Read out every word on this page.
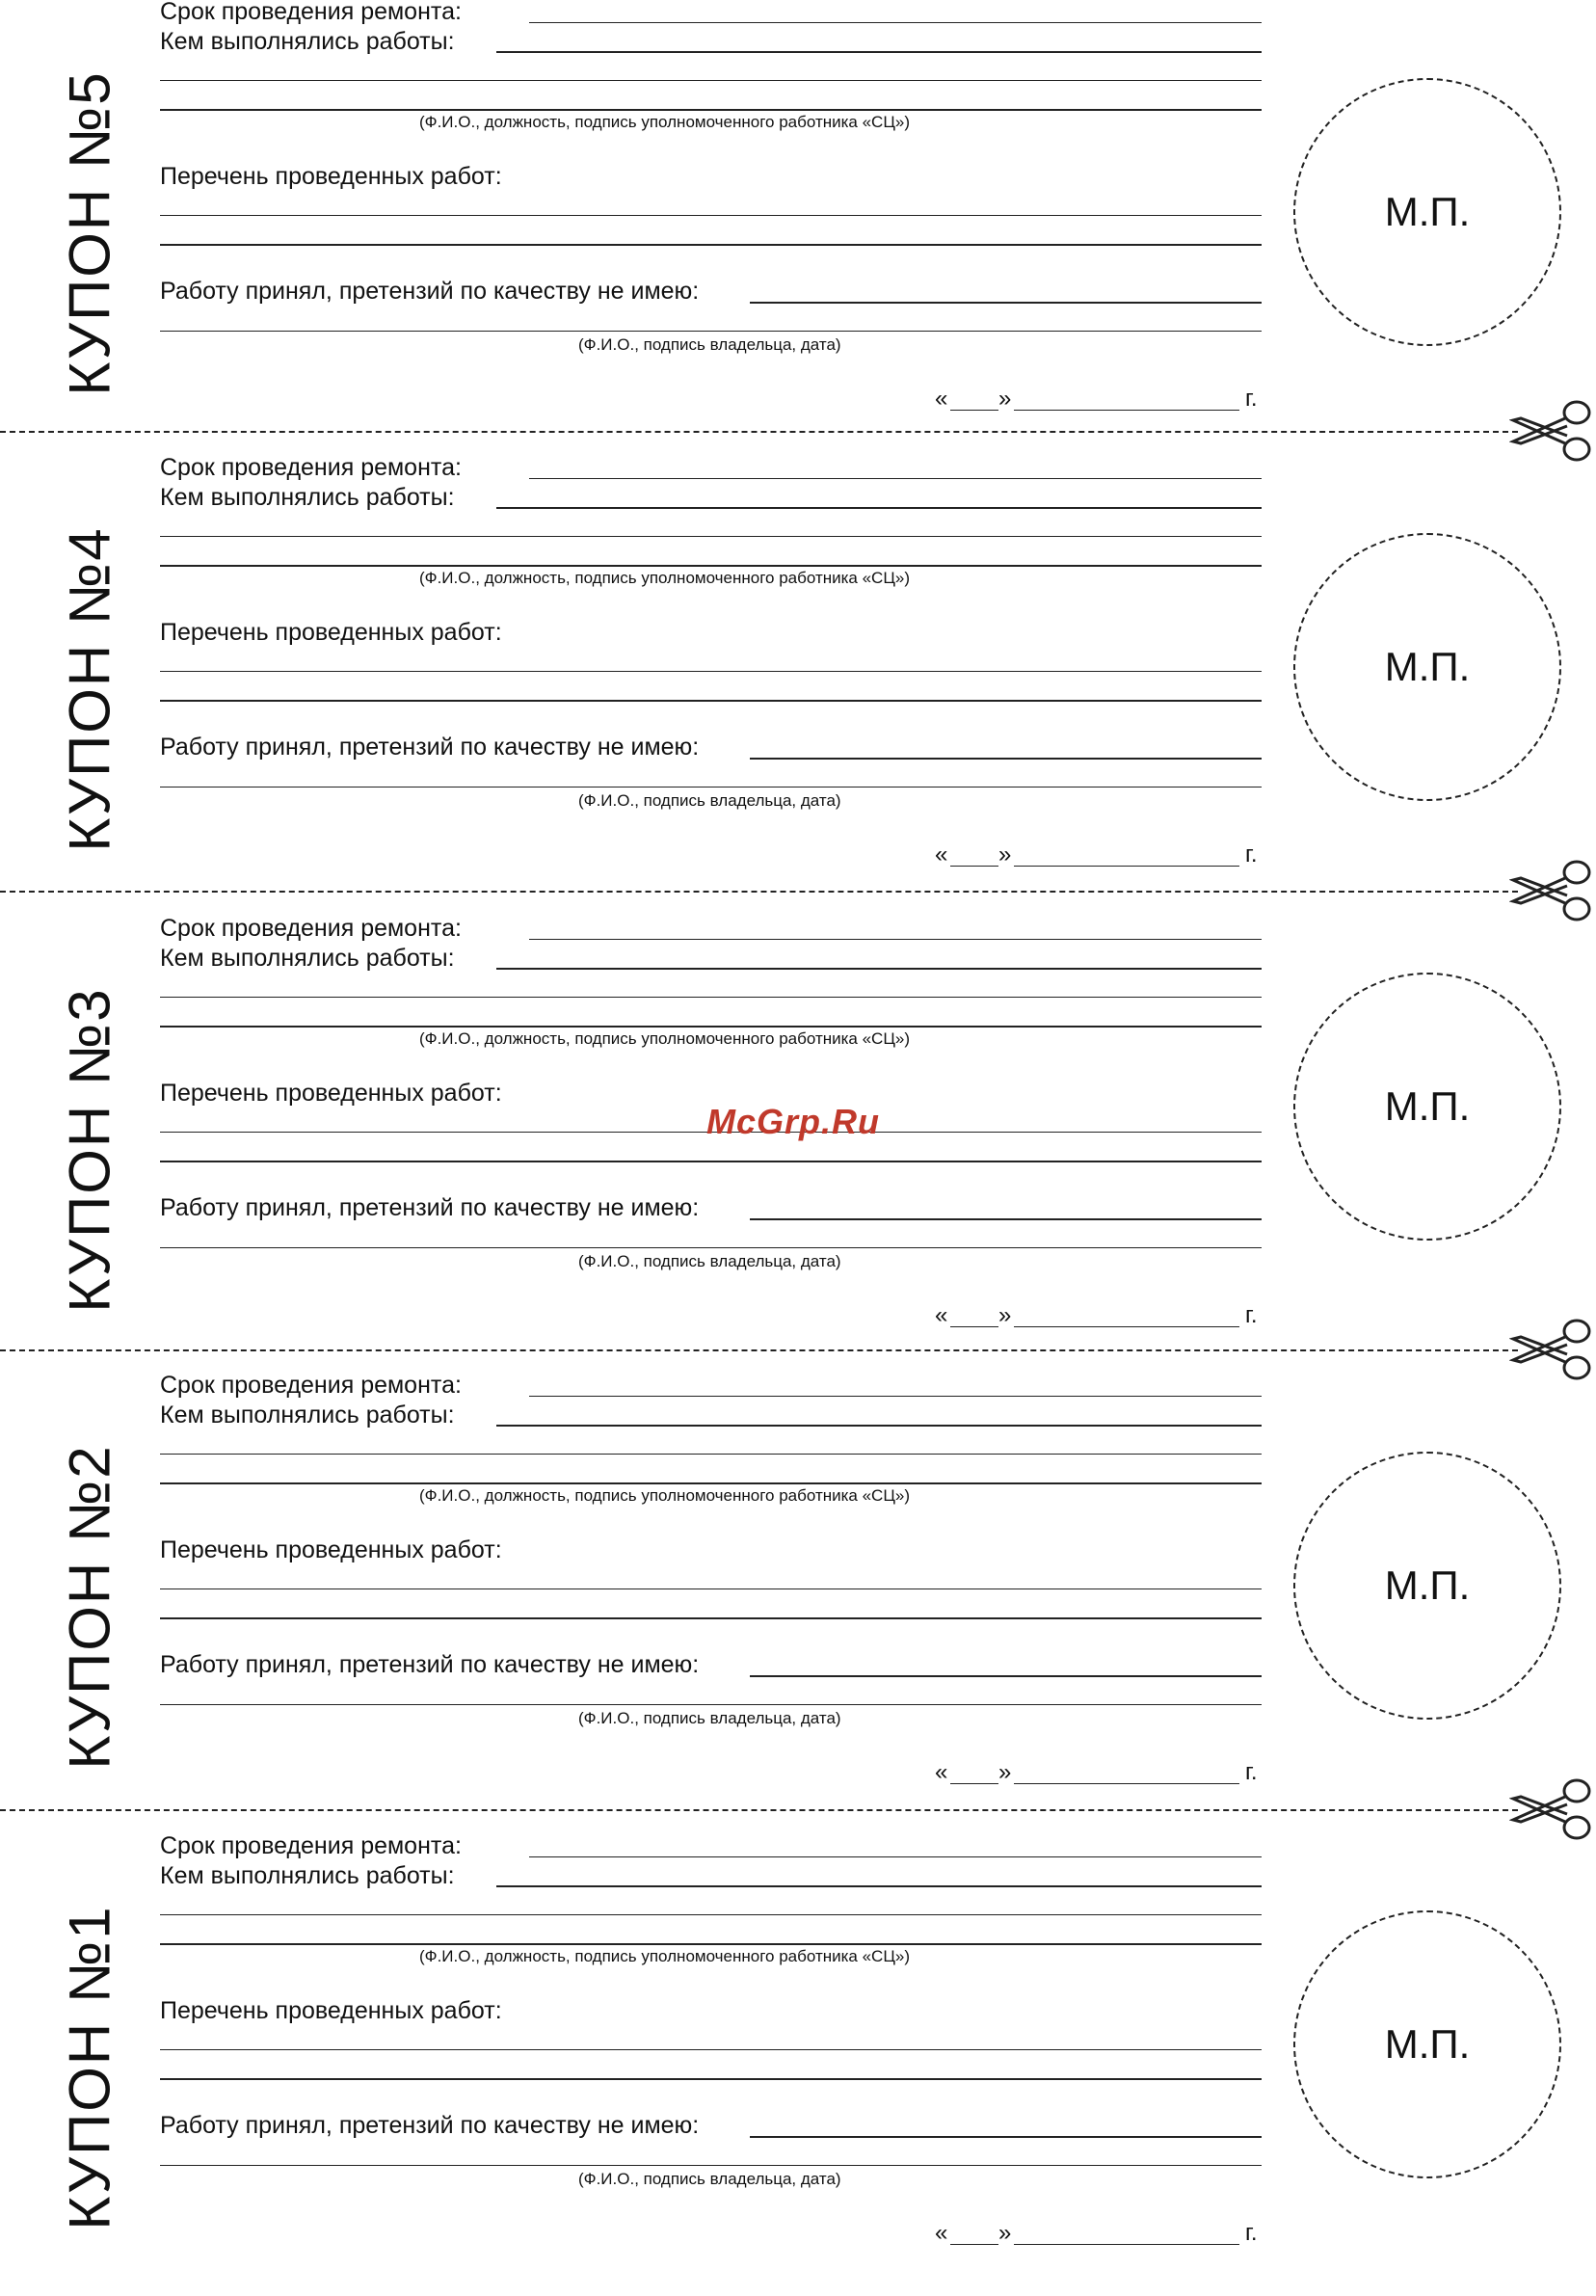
КУПОН №5
Срок проведения ремонта:
Кем выполнялись работы:
(Ф.И.О., должность, подпись уполномоченного работника «СЦ»)
Перечень проведенных работ:
Работу принял, претензий по качеству не имею:
(Ф.И.О., подпись владельца, дата)
« »	г.
М.П.
КУПОН №4
Срок проведения ремонта:
Кем выполнялись работы:
(Ф.И.О., должность, подпись уполномоченного работника «СЦ»)
Перечень проведенных работ:
Работу принял, претензий по качеству не имею:
(Ф.И.О., подпись владельца, дата)
« »	г.
М.П.
КУПОН №3
Срок проведения ремонта:
Кем выполнялись работы:
(Ф.И.О., должность, подпись уполномоченного работника «СЦ»)
Перечень проведенных работ:
Работу принял, претензий по качеству не имею:
(Ф.И.О., подпись владельца, дата)
« »	г.
М.П.
КУПОН №2
Срок проведения ремонта:
Кем выполнялись работы:
(Ф.И.О., должность, подпись уполномоченного работника «СЦ»)
Перечень проведенных работ:
Работу принял, претензий по качеству не имею:
(Ф.И.О., подпись владельца, дата)
« »	г.
М.П.
КУПОН №1
Срок проведения ремонта:
Кем выполнялись работы:
(Ф.И.О., должность, подпись уполномоченного работника «СЦ»)
Перечень проведенных работ:
Работу принял, претензий по качеству не имею:
(Ф.И.О., подпись владельца, дата)
« »	г.
М.П.
McGrp.Ru
